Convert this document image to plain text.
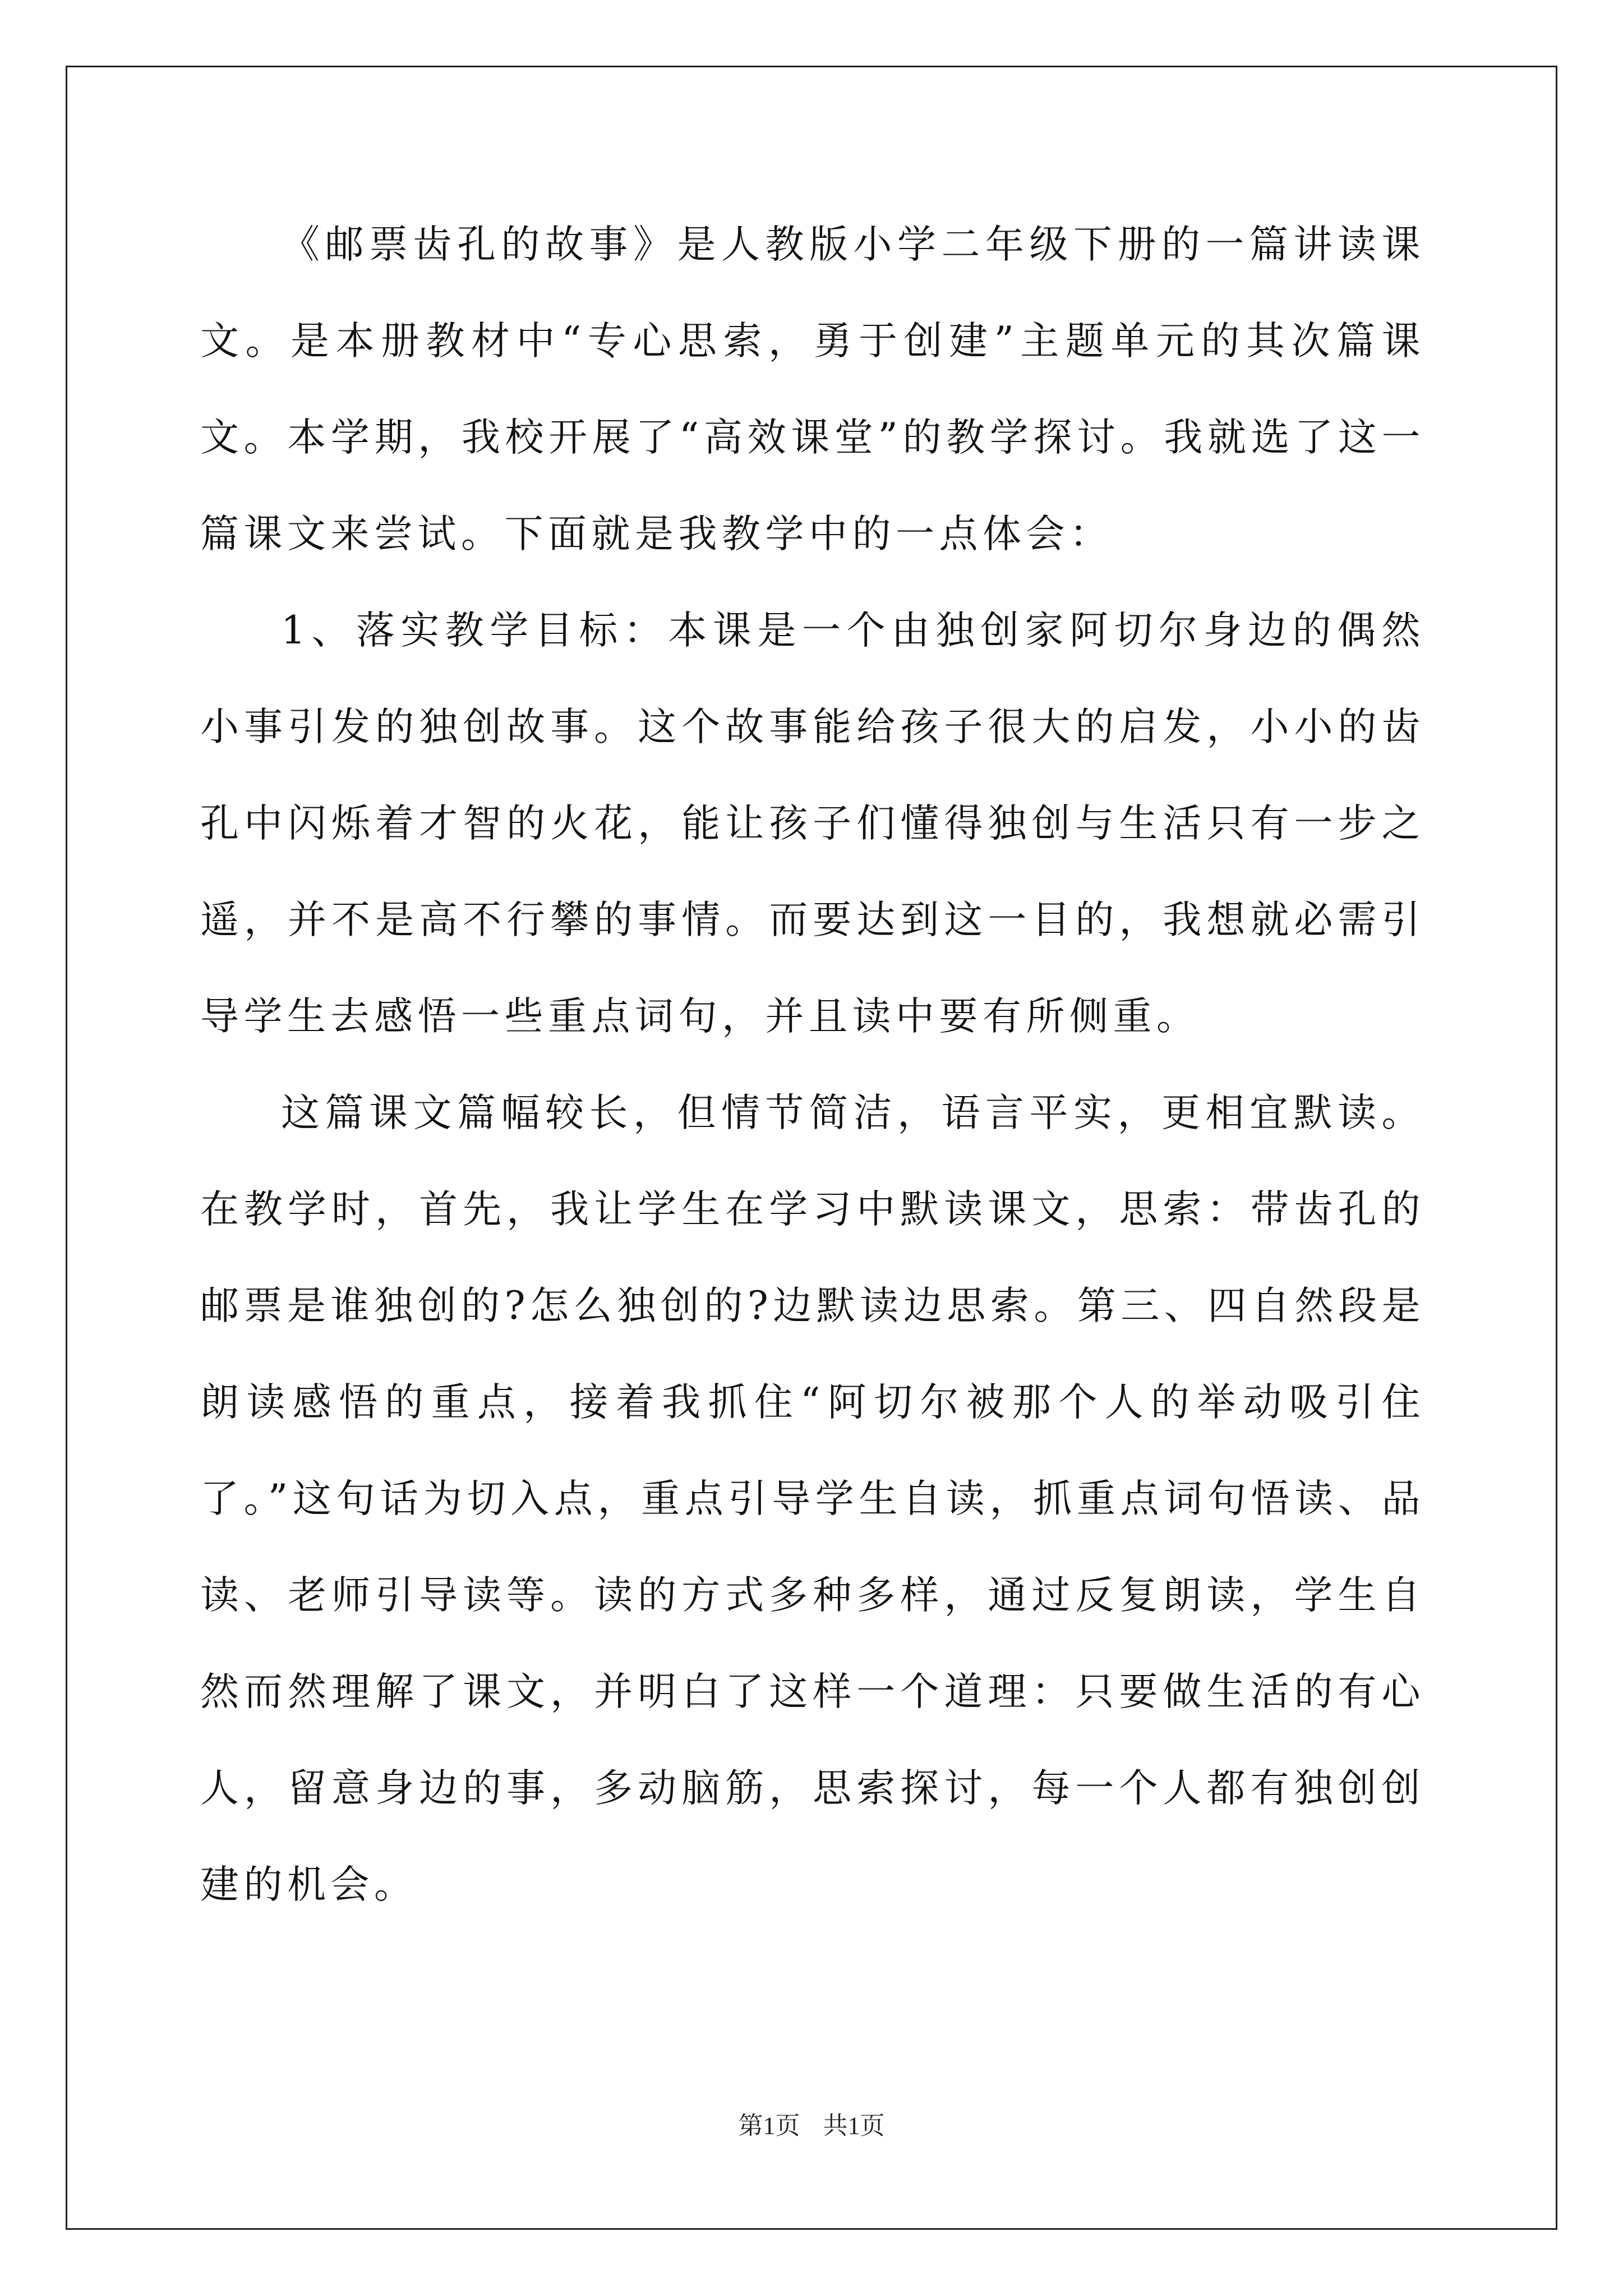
《邮票齿孔的故事》是人教版小学二年级下册的一篇讲读课文。是本册教材中“专心思索，勇于创建”主题单元的其次篇课文。本学期，我校开展了“高效课堂”的教学探讨。我就选了这一篇课文来尝试。下面就是我教学中的一点体会：

1、落实教学目标：本课是一个由独创家阿切尔身边的偶然小事引发的独创故事。这个故事能给孩子很大的启发，小小的齿孔中闪烁着才智的火花，能让孩子们懂得独创与生活只有一步之遥，并不是高不行攀的事情。而要达到这一目的，我想就必需引导学生去感悟一些重点词句，并且读中要有所侧重。

这篇课文篇幅较长，但情节简洁，语言平实，更相宜默读。在教学时，首先，我让学生在学习中默读课文，思索：带齿孔的邮票是谁独创的?怎么独创的?边默读边思索。第三、四自然段是朗读感悟的重点，接着我抓住“阿切尔被那个人的举动吸引住了。”这句话为切入点，重点引导学生自读，抓重点词句悟读、品读、老师引导读等。读的方式多种多样，通过反复朗读，学生自然而然理解了课文，并明白了这样一个道理：只要做生活的有心人，留意身边的事，多动脑筋，思索探讨，每一个人都有独创创建的机会。

第1页 共1页
